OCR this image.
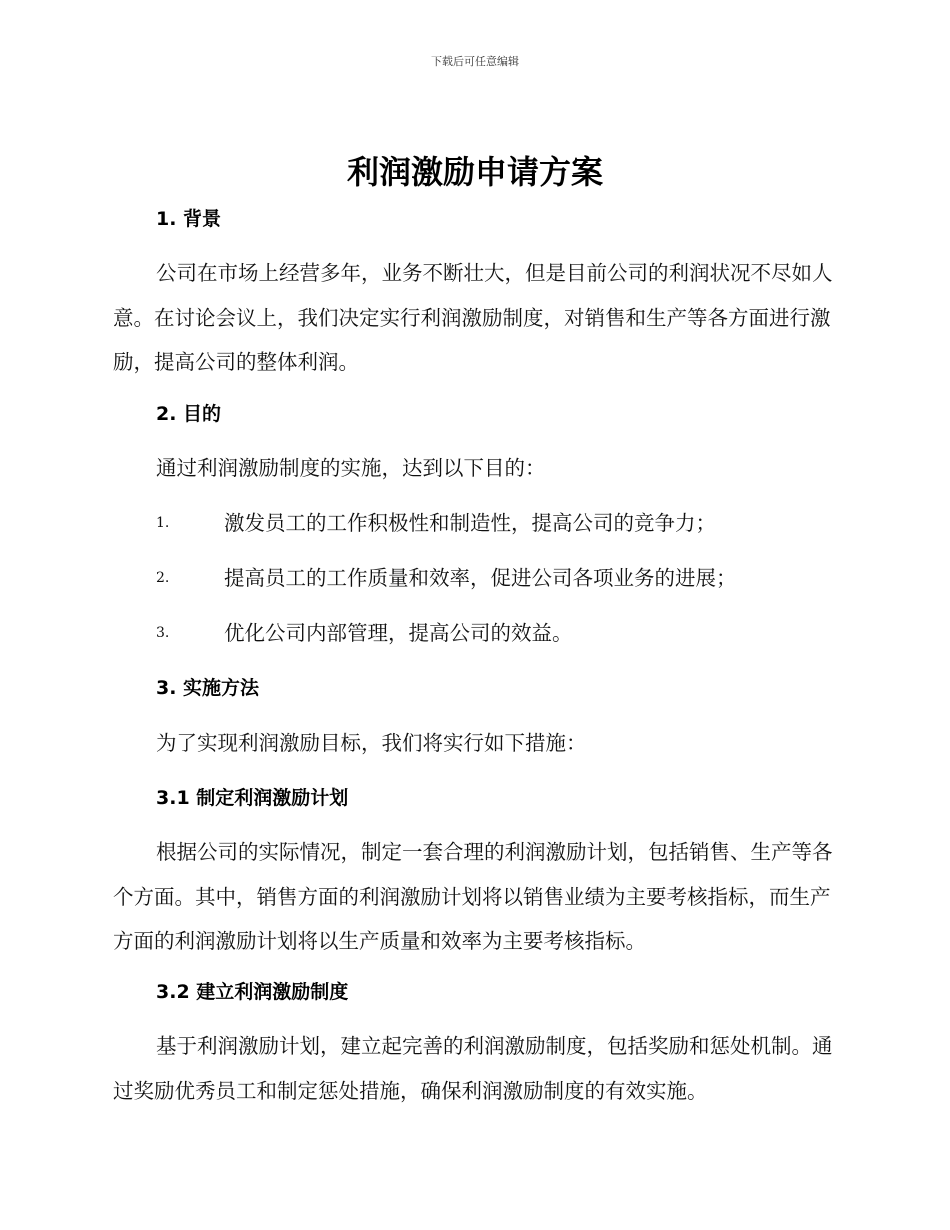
下载后可任意编辑
利润激励申请方案
1. 背景
公司在市场上经营多年，业务不断壮大，但是目前公司的利润状况不尽如人意。在讨论会议上，我们决定实行利润激励制度，对销售和生产等各方面进行激励，提高公司的整体利润。
2. 目的
通过利润激励制度的实施，达到以下目的：
1.	激发员工的工作积极性和制造性，提高公司的竞争力；
2.	提高员工的工作质量和效率，促进公司各项业务的进展；
3.	优化公司内部管理，提高公司的效益。
3. 实施方法
为了实现利润激励目标，我们将实行如下措施：
3.1 制定利润激励计划
根据公司的实际情况，制定一套合理的利润激励计划，包括销售、生产等各个方面。其中，销售方面的利润激励计划将以销售业绩为主要考核指标，而生产方面的利润激励计划将以生产质量和效率为主要考核指标。
3.2 建立利润激励制度
基于利润激励计划，建立起完善的利润激励制度，包括奖励和惩处机制。通过奖励优秀员工和制定惩处措施，确保利润激励制度的有效实施。
